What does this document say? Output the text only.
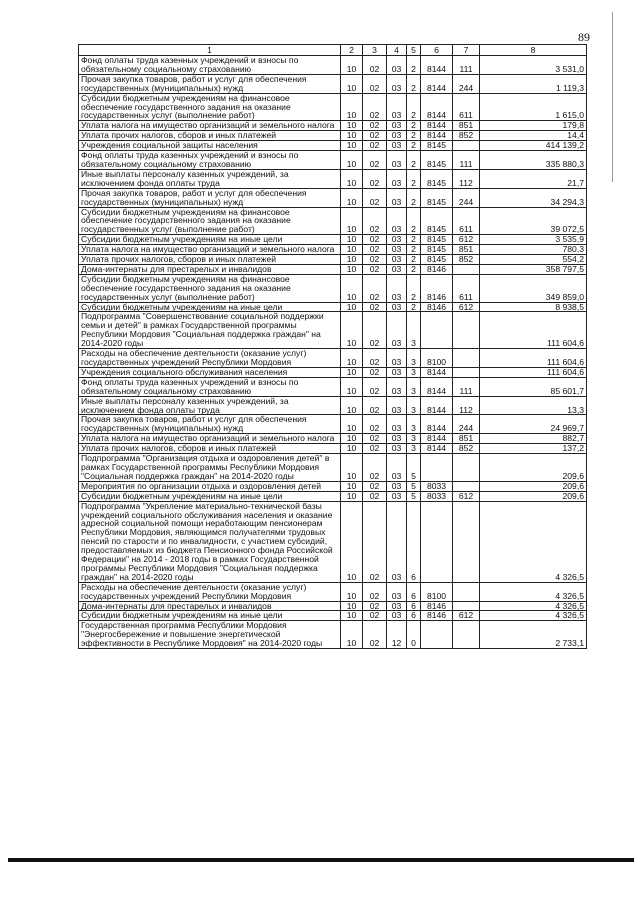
89
1	2	3	4	5	6	7	8
Фонд оплаты труда казенных учреждений и взносы по обязательному социальному страхованию	10	02	03	2	8144	111	3 531,0
Прочая закупка товаров, работ и услуг для обеспечения государственных (муниципальных) нужд	10	02	03	2	8144	244	1 119,3
Субсидии бюджетным учреждениям на финансовое обеспечение государственного задания на оказание государственных услуг (выполнение работ)	10	02	03	2	8144	611	1 615,0
Уплата налога на имущество организаций и земельного налога	10	02	03	2	8144	851	179,8
Уплата прочих налогов, сборов и иных платежей	10	02	03	2	8144	852	14,4
Учреждения социальной защиты населения	10	02	03	2	8145		414 139,2
Фонд оплаты труда казенных учреждений и взносы по обязательному социальному страхованию	10	02	03	2	8145	111	335 880,3
Иные выплаты персоналу казенных учреждений, за исключением фонда оплаты труда	10	02	03	2	8145	112	21,7
Прочая закупка товаров, работ и услуг для обеспечения государственных (муниципальных) нужд	10	02	03	2	8145	244	34 294,3
Субсидии бюджетным учреждениям на финансовое обеспечение государственного задания на оказание государственных услуг (выполнение работ)	10	02	03	2	8145	611	39 072,5
Субсидии бюджетным учреждениям на иные цели	10	02	03	2	8145	612	3 535,9
Уплата налога на имущество организаций и земельного налога	10	02	03	2	8145	851	780,3
Уплата прочих налогов, сборов и иных платежей	10	02	03	2	8145	852	554,2
Дома-интернаты для престарелых и инвалидов	10	02	03	2	8146		358 797,5
Субсидии бюджетным учреждениям на финансовое обеспечение государственного задания на оказание государственных услуг (выполнение работ)	10	02	03	2	8146	611	349 859,0
Субсидии бюджетным учреждениям на иные цели	10	02	03	2	8146	612	8 938,5
Подпрограмма "Совершенствование социальной поддержки семьи и детей" в рамках Государственной программы Республики Мордовия "Социальная поддержка граждан" на 2014-2020 годы	10	02	03	3			111 604,6
Расходы на обеспечение деятельности (оказание услуг) государственных учреждений Республики Мордовия	10	02	03	3	8100		111 604,6
Учреждения социального обслуживания населения	10	02	03	3	8144		111 604,6
Фонд оплаты труда казенных учреждений и взносы по обязательному социальному страхованию	10	02	03	3	8144	111	85 601,7
Иные выплаты персоналу казенных учреждений, за исключением фонда оплаты труда	10	02	03	3	8144	112	13,3
Прочая закупка товаров, работ и услуг для обеспечения государственных (муниципальных) нужд	10	02	03	3	8144	244	24 969,7
Уплата налога на имущество организаций и земельного налога	10	02	03	3	8144	851	882,7
Уплата прочих налогов, сборов и иных платежей	10	02	03	3	8144	852	137,2
Подпрограмма "Организация отдыха и оздоровления детей" в рамках Государственной программы Республики Мордовия "Социальная поддержка граждан" на 2014-2020 годы	10	02	03	5			209,6
Мероприятия по организации отдыха и оздоровления детей	10	02	03	5	8033		209,6
Субсидии бюджетным учреждениям на иные цели	10	02	03	5	8033	612	209,6
Подпрограмма "Укрепление материально-технической базы учреждений социального обслуживания населения и оказание адресной социальной помощи неработающим пенсионерам Республики Мордовия, являющимся получателями трудовых пенсий по старости и по инвалидности, с участием субсидий, предоставляемых из бюджета Пенсионного фонда Российской Федерации" на 2014 - 2018 годы в рамках Государственной программы Республики Мордовия "Социальная поддержка граждан" на 2014-2020 годы	10	02	03	6			4 326,5
Расходы на обеспечение деятельности (оказание услуг) государственных учреждений Республики Мордовия	10	02	03	6	8100		4 326,5
Дома-интернаты для престарелых и инвалидов	10	02	03	6	8146		4 326,5
Субсидии бюджетным учреждениям на иные цели	10	02	03	6	8146	612	4 326,5
Государственная программа Республики Мордовия "Энергосбережение и повышение энергетической эффективности в Республике Мордовия" на 2014-2020 годы	10	02	12	0			2 733,1
